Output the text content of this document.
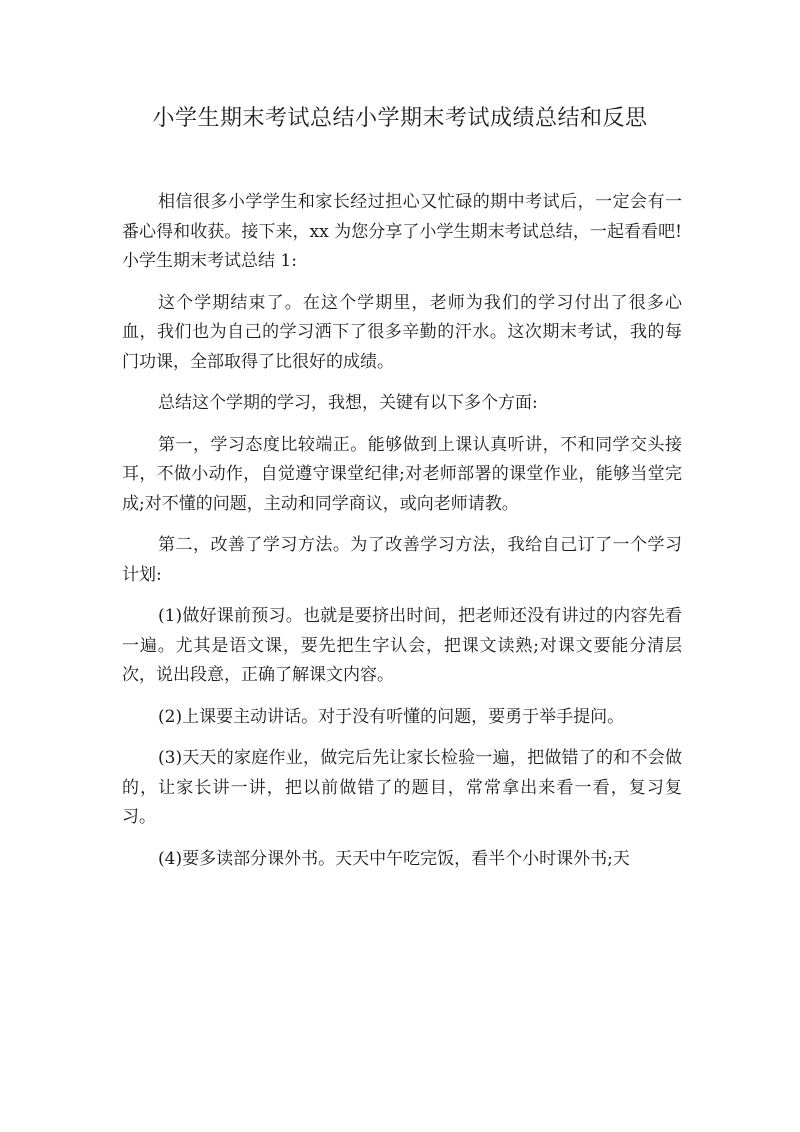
小学生期末考试总结小学期末考试成绩总结和反思

相信很多小学学生和家长经过担心又忙碌的期中考试后，一定会有一番心得和收获。接下来，xx 为您分享了小学生期末考试总结，一起看看吧!小学生期末考试总结 1:

这个学期结束了。在这个学期里，老师为我们的学习付出了很多心血，我们也为自己的学习洒下了很多辛勤的汗水。这次期末考试，我的每门功课，全部取得了比很好的成绩。

总结这个学期的学习，我想，关键有以下多个方面:

第一，学习态度比较端正。能够做到上课认真听讲，不和同学交头接耳，不做小动作，自觉遵守课堂纪律;对老师部署的课堂作业，能够当堂完成;对不懂的问题，主动和同学商议，或向老师请教。

第二，改善了学习方法。为了改善学习方法，我给自己订了一个学习计划:

(1)做好课前预习。也就是要挤出时间，把老师还没有讲过的内容先看一遍。尤其是语文课，要先把生字认会，把课文读熟;对课文要能分清层次，说出段意，正确了解课文内容。

(2)上课要主动讲话。对于没有听懂的问题，要勇于举手提问。

(3)天天的家庭作业，做完后先让家长检验一遍，把做错了的和不会做的，让家长讲一讲，把以前做错了的题目，常常拿出来看一看，复习复习。

(4)要多读部分课外书。天天中午吃完饭，看半个小时课外书;天
